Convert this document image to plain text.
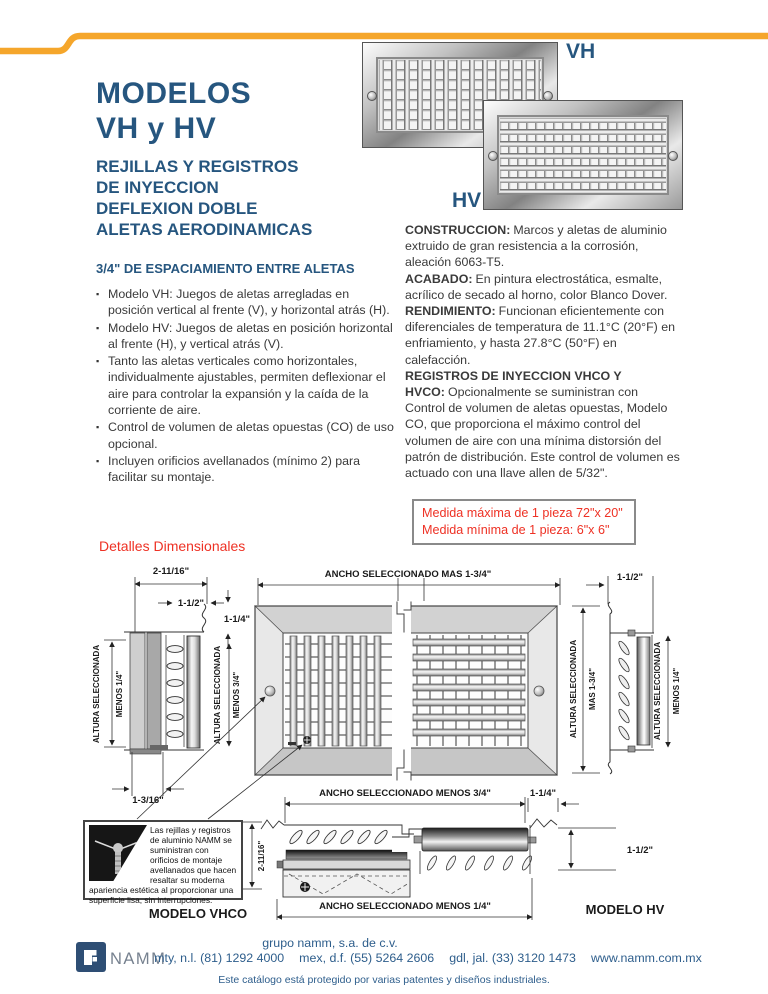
VH
HV
MODELOS
VH y HV
REJILLAS Y REGISTROS
DE INYECCION
DEFLEXION DOBLE
ALETAS AERODINAMICAS
3/4" DE ESPACIAMIENTO ENTRE ALETAS
▪ Modelo VH: Juegos de aletas arregladas en posición vertical al frente (V), y horizontal atrás (H).
▪ Modelo HV: Juegos de aletas en posición horizontal al frente (H), y vertical atrás (V).
▪ Tanto las aletas verticales como horizontales, individualmente ajustables, permiten deflexionar el aire para controlar la expansión y la caída de la corriente de aire.
▪ Control de volumen de aletas opuestas (CO) de uso opcional.
▪ Incluyen orificios avellanados (mínimo 2) para facilitar su montaje.

CONSTRUCCION: Marcos y aletas de aluminio extruido de gran resistencia a la corrosión, aleación 6063-T5.

ACABADO: En pintura electrostática, esmalte, acrílico de secado al horno, color Blanco Dover.

RENDIMIENTO: Funcionan eficientemente con diferenciales de temperatura de 11.1°C (20°F) en enfriamiento, y hasta 27.8°C (50°F) en calefacción.

REGISTROS DE INYECCION VHCO Y HVCO: Opcionalmente se suministran con Control de volumen de aletas opuestas, Modelo CO, que proporciona el máximo control del volumen de aire con una mínima distorsión del patrón de distribución. Este control de volumen es actuado con una llave allen de 5/32".

Medida máxima de 1 pieza 72"x 20"
Medida mínima de 1 pieza: 6"x 6"
Detalles Dimensionales
ANCHO SELECCIONADO MAS 1-3/4"	1-1/2"
2-11/16"
1-1/2"
1-1/4"
ALTURA SELECCIONADA MENOS 1/4"	ALTURA SELECCIONADA MENOS 3/4"
1-3/16"
ALTURA SELECCIONADA MAS 1-3/4"	ALTURA SELECCIONADA MENOS 1/4"
ANCHO SELECCIONADO MENOS 3/4"	1-1/4"
1-1/2"
ANCHO SELECCIONADO MENOS 1/4"
2-11/16"
MODELO VHCO	MODELO HV
Las rejillas y registros de aluminio NAMM se suministran con orificios de montaje avellanados que hacen resaltar su moderna apariencia estética al proporcionar una superficie lisa, sin interrupciones.
NAMM
grupo namm, s.a. de c.v.
mty, n.l. (81) 1292 4000 mex, d.f. (55) 5264 2606 gdl, jal. (33) 3120 1473 www.namm.com.mx
Este catálogo está protegido por varias patentes y diseños industriales.
